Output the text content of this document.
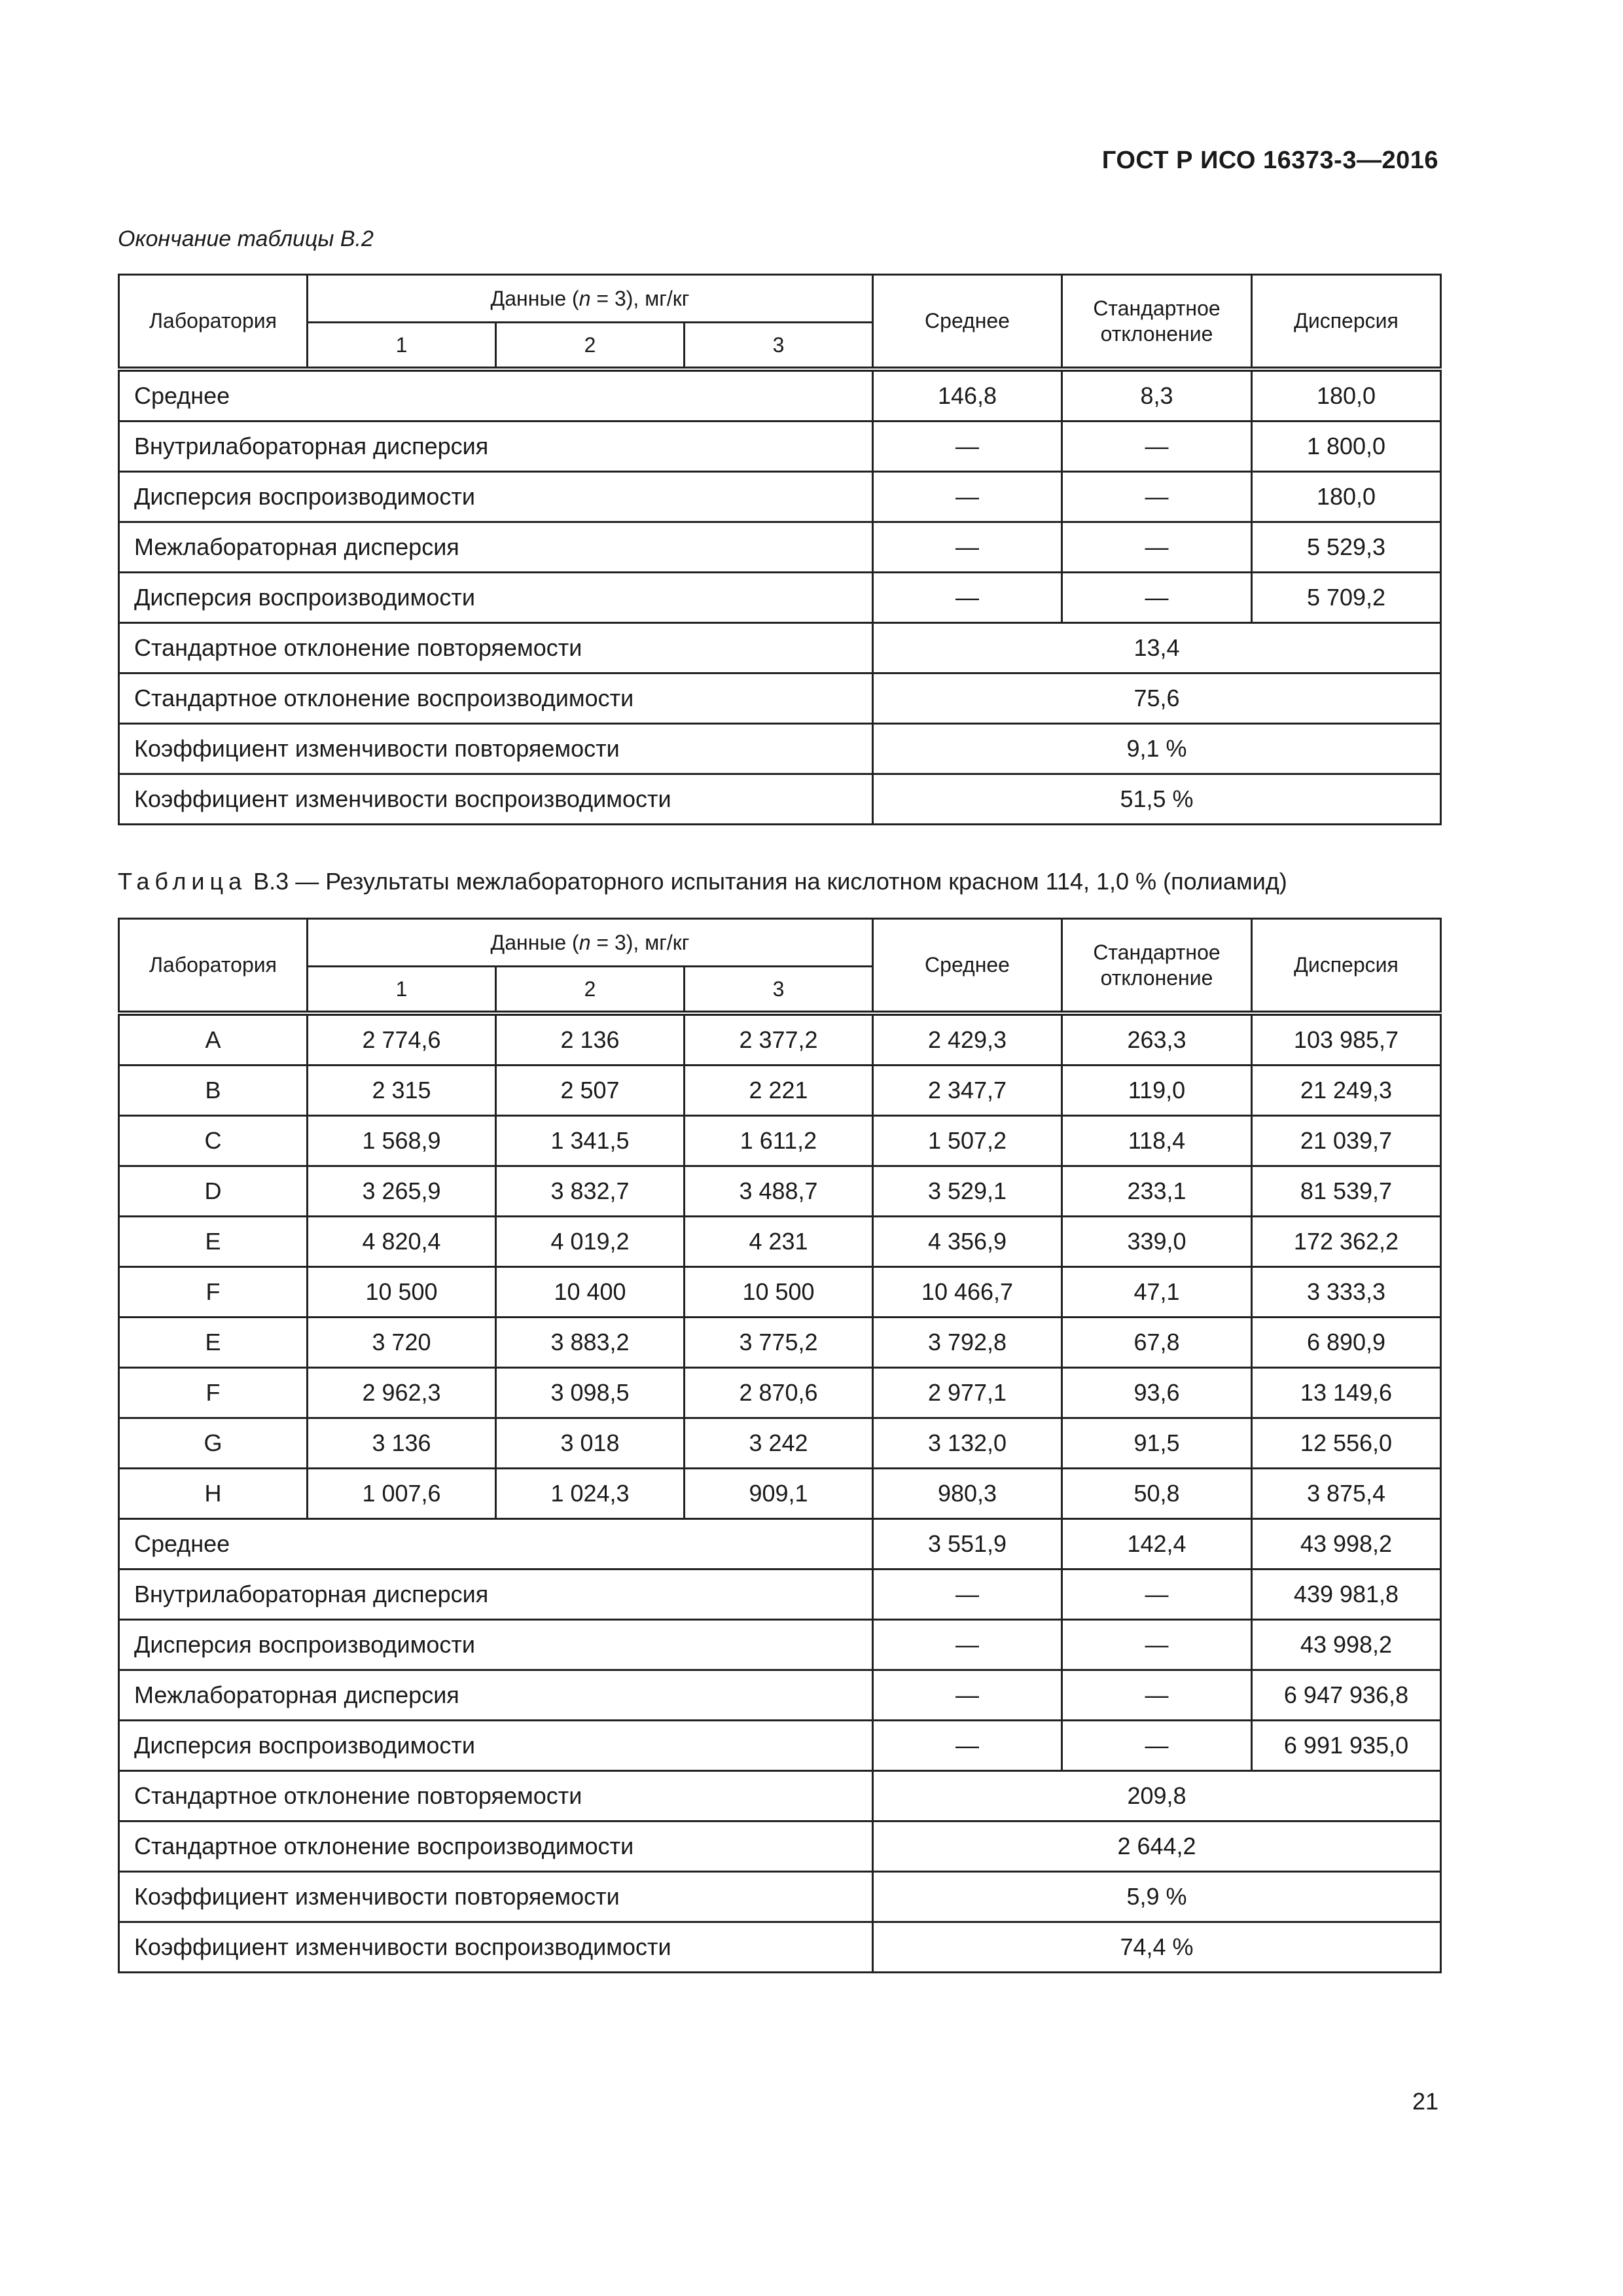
ГОСТ Р ИСО 16373-3—2016
Окончание таблицы B.2
Лаборатория	Данные (n = 3), мг/кг			Среднее	Стандартное отклонение	Дисперсия
	1	2	3			
Среднее				146,8	8,3	180,0
Внутрилабораторная дисперсия				—	—	1 800,0
Дисперсия воспроизводимости				—	—	180,0
Межлабораторная дисперсия				—	—	5 529,3
Дисперсия воспроизводимости				—	—	5 709,2
Стандартное отклонение повторяемости				13,4		
Стандартное отклонение воспроизводимости				75,6		
Коэффициент изменчивости повторяемости				9,1 %		
Коэффициент изменчивости воспроизводимости				51,5 %		
Таблица B.3 — Результаты межлабораторного испытания на кислотном красном 114, 1,0 % (полиамид)
Лаборатория	Данные (n = 3), мг/кг			Среднее	Стандартное отклонение	Дисперсия
	1	2	3			
A	2 774,6	2 136	2 377,2	2 429,3	263,3	103 985,7
B	2 315	2 507	2 221	2 347,7	119,0	21 249,3
C	1 568,9	1 341,5	1 611,2	1 507,2	118,4	21 039,7
D	3 265,9	3 832,7	3 488,7	3 529,1	233,1	81 539,7
E	4 820,4	4 019,2	4 231	4 356,9	339,0	172 362,2
F	10 500	10 400	10 500	10 466,7	47,1	3 333,3
E	3 720	3 883,2	3 775,2	3 792,8	67,8	6 890,9
F	2 962,3	3 098,5	2 870,6	2 977,1	93,6	13 149,6
G	3 136	3 018	3 242	3 132,0	91,5	12 556,0
H	1 007,6	1 024,3	909,1	980,3	50,8	3 875,4
Среднее				3 551,9	142,4	43 998,2
Внутрилабораторная дисперсия				—	—	439 981,8
Дисперсия воспроизводимости				—	—	43 998,2
Межлабораторная дисперсия				—	—	6 947 936,8
Дисперсия воспроизводимости				—	—	6 991 935,0
Стандартное отклонение повторяемости				209,8		
Стандартное отклонение воспроизводимости				2 644,2		
Коэффициент изменчивости повторяемости				5,9 %		
Коэффициент изменчивости воспроизводимости				74,4 %		
21
